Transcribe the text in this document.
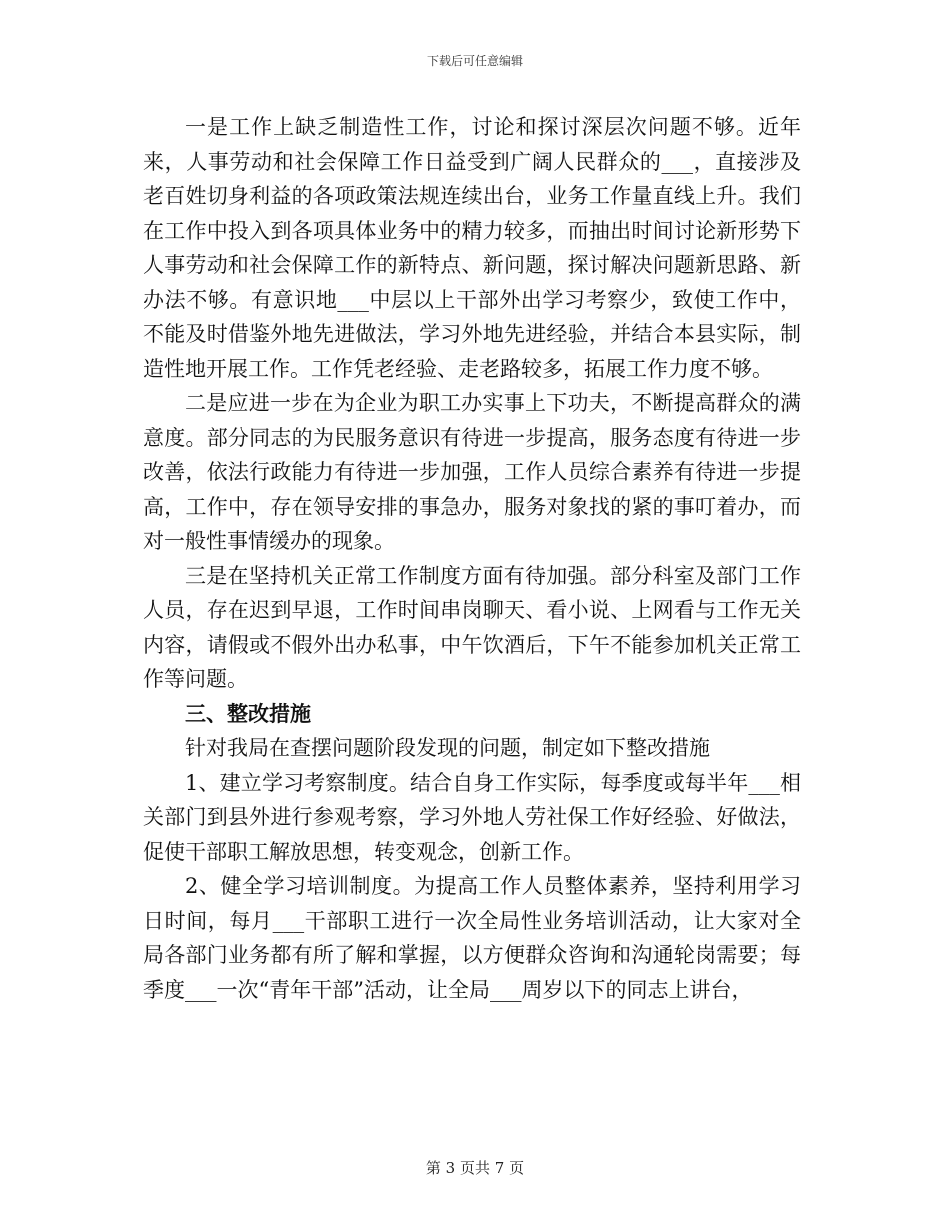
下载后可任意编辑

一是工作上缺乏制造性工作，讨论和探讨深层次问题不够。近年来，人事劳动和社会保障工作日益受到广阔人民群众的___，直接涉及老百姓切身利益的各项政策法规连续出台，业务工作量直线上升。我们在工作中投入到各项具体业务中的精力较多，而抽出时间讨论新形势下人事劳动和社会保障工作的新特点、新问题，探讨解决问题新思路、新办法不够。有意识地___中层以上干部外出学习考察少，致使工作中，不能及时借鉴外地先进做法，学习外地先进经验，并结合本县实际，制造性地开展工作。工作凭老经验、走老路较多，拓展工作力度不够。

二是应进一步在为企业为职工办实事上下功夫，不断提高群众的满意度。部分同志的为民服务意识有待进一步提高，服务态度有待进一步改善，依法行政能力有待进一步加强，工作人员综合素养有待进一步提高，工作中，存在领导安排的事急办，服务对象找的紧的事叮着办，而对一般性事情缓办的现象。

三是在坚持机关正常工作制度方面有待加强。部分科室及部门工作人员，存在迟到早退，工作时间串岗聊天、看小说、上网看与工作无关内容，请假或不假外出办私事，中午饮酒后，下午不能参加机关正常工作等问题。

三、整改措施

针对我局在查摆问题阶段发现的问题，制定如下整改措施

1、建立学习考察制度。结合自身工作实际，每季度或每半年___相关部门到县外进行参观考察，学习外地人劳社保工作好经验、好做法，促使干部职工解放思想，转变观念，创新工作。

2、健全学习培训制度。为提高工作人员整体素养，坚持利用学习日时间，每月___干部职工进行一次全局性业务培训活动，让大家对全局各部门业务都有所了解和掌握，以方便群众咨询和沟通轮岗需要；每季度___一次“青年干部”活动，让全局___周岁以下的同志上讲台，

第 3 页共 7 页
